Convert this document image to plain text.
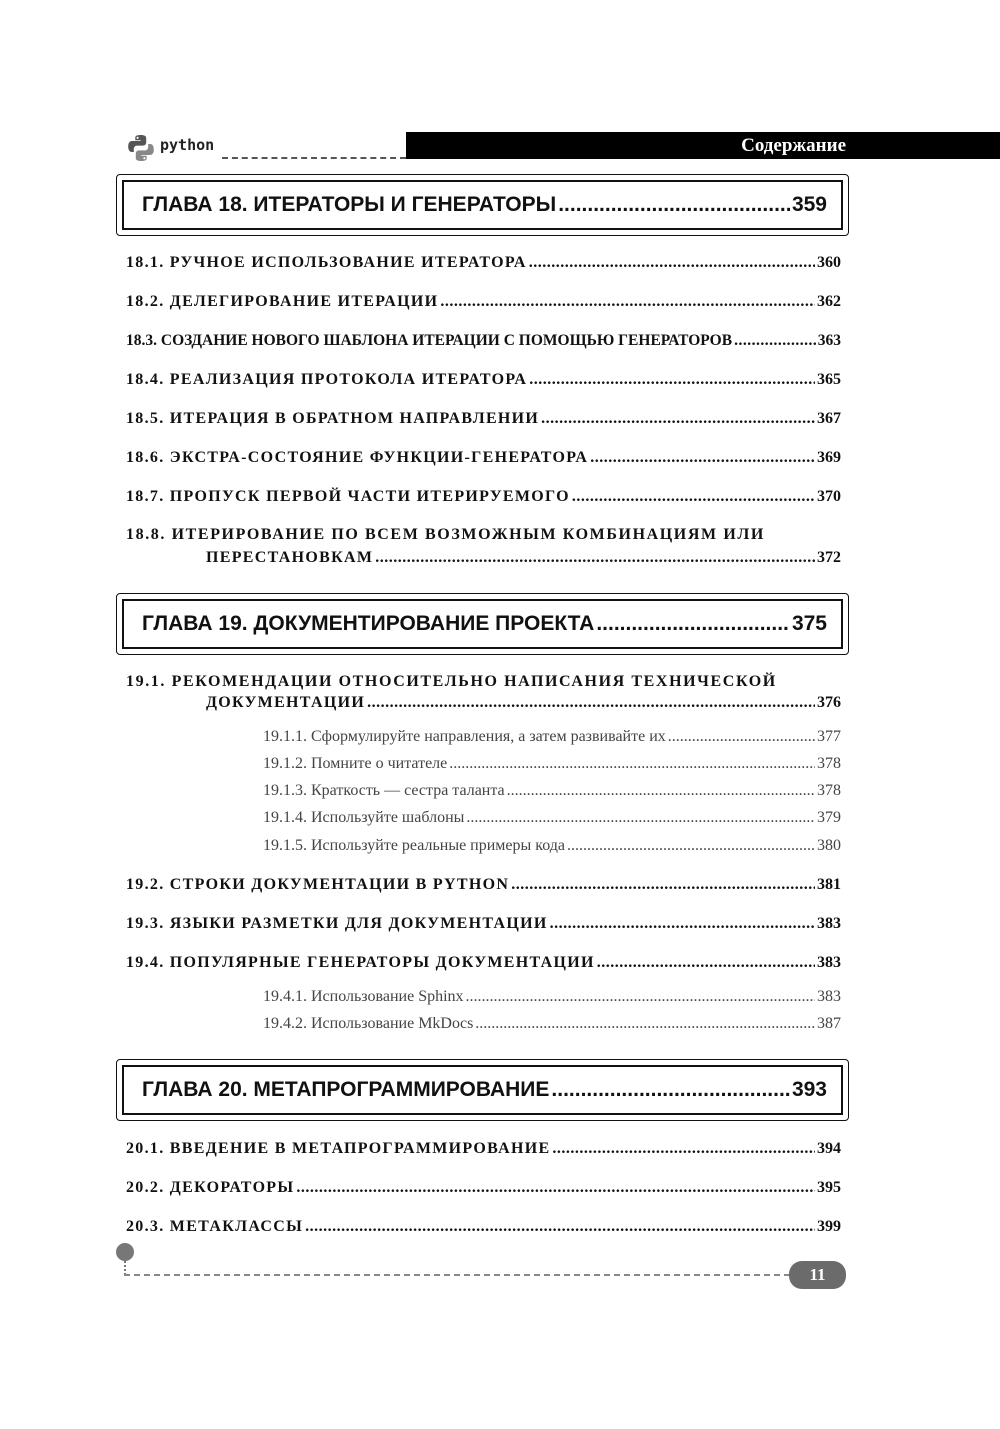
python	Содержание
ГЛАВА 18. ИТЕРАТОРЫ И ГЕНЕРАТОРЫ .....	359
18.1. РУЧНОЕ ИСПОЛЬЗОВАНИЕ ИТЕРАТОРА .....	360
18.2. ДЕЛЕГИРОВАНИЕ ИТЕРАЦИИ .....	362
18.3. СОЗДАНИЕ НОВОГО ШАБЛОНА ИТЕРАЦИИ С ПОМОЩЬЮ ГЕНЕРАТОРОВ .....	363
18.4. РЕАЛИЗАЦИЯ ПРОТОКОЛА ИТЕРАТОРА .....	365
18.5. ИТЕРАЦИЯ В ОБРАТНОМ НАПРАВЛЕНИИ .....	367
18.6. ЭКСТРА-СОСТОЯНИЕ ФУНКЦИИ-ГЕНЕРАТОРА .....	369
18.7. ПРОПУСК ПЕРВОЙ ЧАСТИ ИТЕРИРУЕМОГО .....	370
18.8. ИТЕРИРОВАНИЕ ПО ВСЕМ ВОЗМОЖНЫМ КОМБИНАЦИЯМ ИЛИ
ПЕРЕСТАНОВКАМ .....	372
ГЛАВА 19. ДОКУМЕНТИРОВАНИЕ ПРОЕКТА .....	375
19.1. РЕКОМЕНДАЦИИ ОТНОСИТЕЛЬНО НАПИСАНИЯ ТЕХНИЧЕСКОЙ
ДОКУМЕНТАЦИИ .....	376
19.1.1. Сформулируйте направления, а затем развивайте их .....	377
19.1.2. Помните о читателе .....	378
19.1.3. Краткость — сестра таланта .....	378
19.1.4. Используйте шаблоны .....	379
19.1.5. Используйте реальные примеры кода .....	380
19.2. СТРОКИ ДОКУМЕНТАЦИИ В PYTHON .....	381
19.3. ЯЗЫКИ РАЗМЕТКИ ДЛЯ ДОКУМЕНТАЦИИ .....	383
19.4. ПОПУЛЯРНЫЕ ГЕНЕРАТОРЫ ДОКУМЕНТАЦИИ .....	383
19.4.1. Использование Sphinx .....	383
19.4.2. Использование MkDocs .....	387
ГЛАВА 20. МЕТАПРОГРАММИРОВАНИЕ .....	393
20.1. ВВЕДЕНИЕ В МЕТАПРОГРАММИРОВАНИЕ .....	394
20.2. ДЕКОРАТОРЫ .....	395
20.3. МЕТАКЛАССЫ .....	399
11
